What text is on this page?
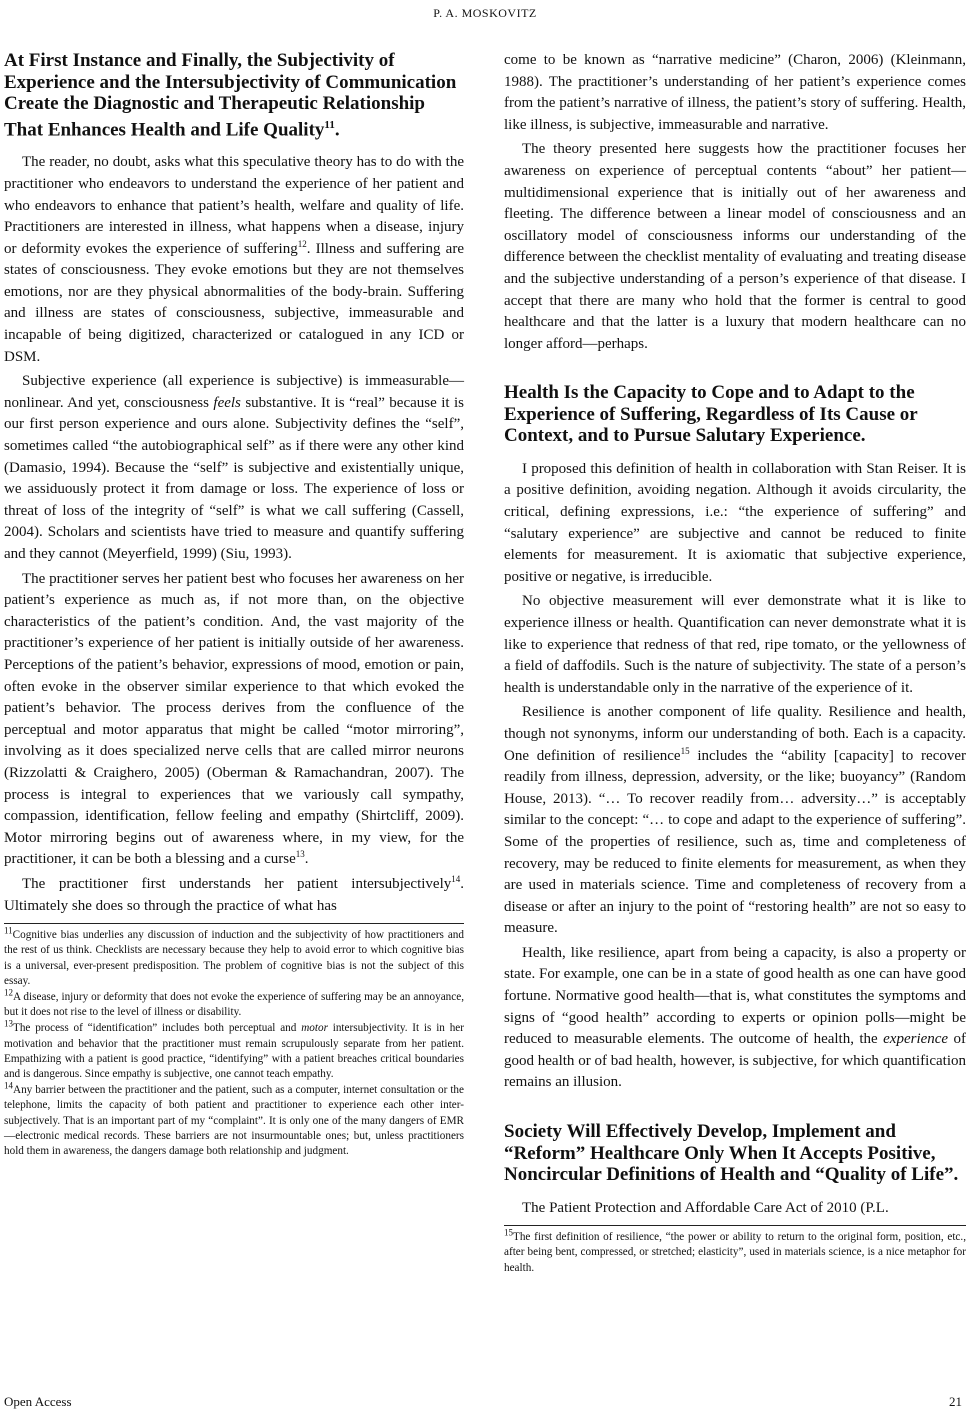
P. A. MOSKOVITZ
At First Instance and Finally, the Subjectivity of Experience and the Intersubjectivity of Communication Create the Diagnostic and Therapeutic Relationship That Enhances Health and Life Quality$^{11}$.

The reader, no doubt, asks what this speculative theory has to do with the practitioner who endeavors to understand the experience of her patient and who endeavors to enhance that patient’s health, welfare and quality of life. Practitioners are interested in illness, what happens when a disease, injury or deformity evokes the experience of suffering$^{12}$. Illness and suffering are states of consciousness. They evoke emotions but they are not themselves emotions, nor are they physical abnormalities of the body-brain. Suffering and illness are states of consciousness, subjective, immeasurable and incapable of being digitized, characterized or catalogued in any ICD or DSM.

Subjective experience (all experience is subjective) is immeasurable—nonlinear. And yet, consciousness feels substantive. It is “real” because it is our first person experience and ours alone. Subjectivity defines the “self”, sometimes called “the autobiographical self” as if there were any other kind (Damasio, 1994). Because the “self” is subjective and existentially unique, we assiduously protect it from damage or loss. The experience of loss or threat of loss of the integrity of “self” is what we call suffering (Cassell, 2004). Scholars and scientists have tried to measure and quantify suffering and they cannot (Meyerfield, 1999) (Siu, 1993).

The practitioner serves her patient best who focuses her awareness on her patient’s experience as much as, if not more than, on the objective characteristics of the patient’s condition. And, the vast majority of the practitioner’s experience of her patient is initially outside of her awareness. Perceptions of the patient’s behavior, expressions of mood, emotion or pain, often evoke in the observer similar experience to that which evoked the patient’s behavior. The process derives from the confluence of the perceptual and motor apparatus that might be called “motor mirroring”, involving as it does specialized nerve cells that are called mirror neurons (Rizzolatti & Craighero, 2005) (Oberman & Ramachandran, 2007). The process is integral to experiences that we variously call sympathy, compassion, identification, fellow feeling and empathy (Shirtcliff, 2009). Motor mirroring begins out of awareness where, in my view, for the practitioner, it can be both a blessing and a curse$^{13}$.

The practitioner first understands her patient intersubjectively$^{14}$. Ultimately she does so through the practice of what has

$^{11}$Cognitive bias underlies any discussion of induction and the subjectivity of how practitioners and the rest of us think. Checklists are necessary because they help to avoid error to which cognitive bias is a universal, ever-present predisposition. The problem of cognitive bias is not the subject of this essay.

$^{12}$A disease, injury or deformity that does not evoke the experience of suffering may be an annoyance, but it does not rise to the level of illness or disability.

$^{13}$The process of “identification” includes both perceptual and motor intersubjectivity. It is in her motivation and behavior that the practitioner must remain scrupulously separate from her patient. Empathizing with a patient is good practice, “identifying” with a patient breaches critical boundaries and is dangerous. Since empathy is subjective, one cannot teach empathy.

$^{14}$Any barrier between the practitioner and the patient, such as a computer, internet consultation or the telephone, limits the capacity of both patient and practitioner to experience each other inter-subjectively. That is an important part of my “complaint”. It is only one of the many dangers of EMR—electronic medical records. These barriers are not insurmountable ones; but, unless practitioners hold them in awareness, the dangers damage both relationship and judgment.

come to be known as “narrative medicine” (Charon, 2006) (Kleinmann, 1988). The practitioner’s understanding of her patient’s experience comes from the patient’s narrative of illness, the patient’s story of suffering. Health, like illness, is subjective, immeasurable and narrative.

The theory presented here suggests how the practitioner focuses her awareness on experience of perceptual contents “about” her patient—multidimensional experience that is initially out of her awareness and fleeting. The difference between a linear model of consciousness and an oscillatory model of consciousness informs our understanding of the difference between the checklist mentality of evaluating and treating disease and the subjective understanding of a person’s experience of that disease. I accept that there are many who hold that the former is central to good healthcare and that the latter is a luxury that modern healthcare can no longer afford—perhaps.

Health Is the Capacity to Cope and to Adapt to the Experience of Suffering, Regardless of Its Cause or Context, and to Pursue Salutary Experience.

I proposed this definition of health in collaboration with Stan Reiser. It is a positive definition, avoiding negation. Although it avoids circularity, the critical, defining expressions, i.e.: “the experience of suffering” and “salutary experience” are subjective and cannot be reduced to finite elements for measurement. It is axiomatic that subjective experience, positive or negative, is irreducible.

No objective measurement will ever demonstrate what it is like to experience illness or health. Quantification can never demonstrate what it is like to experience that redness of that red, ripe tomato, or the yellowness of a field of daffodils. Such is the nature of subjectivity. The state of a person’s health is understandable only in the narrative of the experience of it.

Resilience is another component of life quality. Resilience and health, though not synonyms, inform our understanding of both. Each is a capacity. One definition of resilience$^{15}$ includes the “ability [capacity] to recover readily from illness, depression, adversity, or the like; buoyancy” (Random House, 2013). “… To recover readily from… adversity…” is acceptably similar to the concept: “… to cope and adapt to the experience of suffering”. Some of the properties of resilience, such as, time and completeness of recovery, may be reduced to finite elements for measurement, as when they are used in materials science. Time and completeness of recovery from a disease or after an injury to the point of “restoring health” are not so easy to measure.

Health, like resilience, apart from being a capacity, is also a property or state. For example, one can be in a state of good health as one can have good fortune. Normative good health—that is, what constitutes the symptoms and signs of “good health” according to experts or opinion polls—might be reduced to measurable elements. The outcome of health, the experience of good health or of bad health, however, is subjective, for which quantification remains an illusion.

Society Will Effectively Develop, Implement and “Reform” Healthcare Only When It Accepts Positive, Noncircular Definitions of Health and “Quality of Life”.

The Patient Protection and Affordable Care Act of 2010 (P.L.

$^{15}$The first definition of resilience, “the power or ability to return to the original form, position, etc., after being bent, compressed, or stretched; elasticity”, used in materials science, is a nice metaphor for health.

Open Access	21
